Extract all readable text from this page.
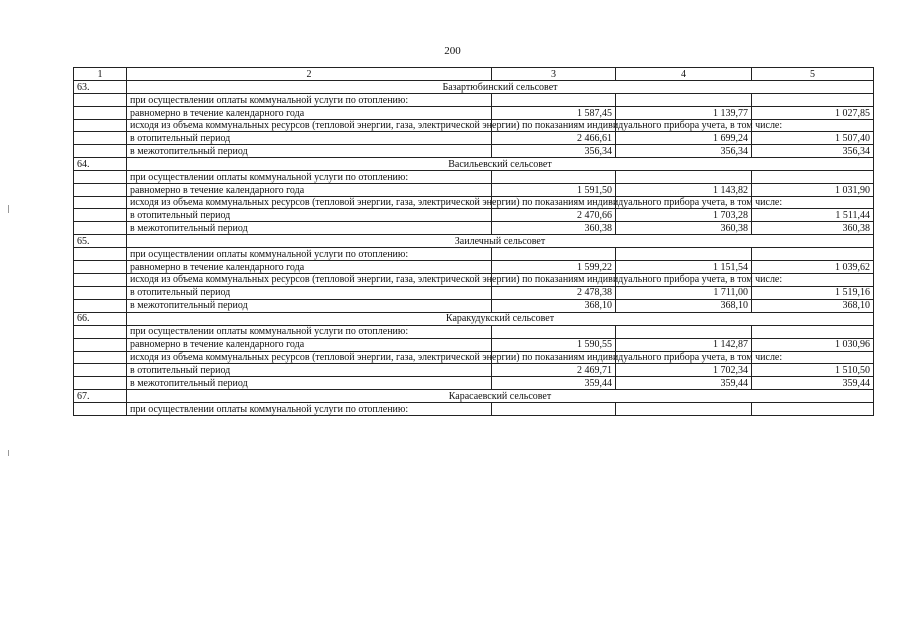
200
1	2	3	4	5
63.	Базартюбинский сельсовет			
	при осуществлении оплаты коммунальной услуги по отоплению:			
	равномерно в течение календарного года	1 587,45	1 139,77	1 027,85
	исходя из объема коммунальных ресурсов (тепловой энергии, газа, электрической энергии) по показаниям индивидуального прибора учета, в том числе:			
	в отопительный период	2 466,61	1 699,24	1 507,40
	в межотопительный период	356,34	356,34	356,34
64.	Васильевский сельсовет			
	при осуществлении оплаты коммунальной услуги по отоплению:			
	равномерно в течение календарного года	1 591,50	1 143,82	1 031,90
	исходя из объема коммунальных ресурсов (тепловой энергии, газа, электрической энергии) по показаниям индивидуального прибора учета, в том числе:			
	в отопительный период	2 470,66	1 703,28	1 511,44
	в межотопительный период	360,38	360,38	360,38
65.	Заилечный сельсовет			
	при осуществлении оплаты коммунальной услуги по отоплению:			
	равномерно в течение календарного года	1 599,22	1 151,54	1 039,62
	исходя из объема коммунальных ресурсов (тепловой энергии, газа, электрической энергии) по показаниям индивидуального прибора учета, в том числе:			
	в отопительный период	2 478,38	1 711,00	1 519,16
	в межотопительный период	368,10	368,10	368,10
66.	Каракудукский сельсовет			
	при осуществлении оплаты коммунальной услуги по отоплению:			
	равномерно в течение календарного года	1 590,55	1 142,87	1 030,96
	исходя из объема коммунальных ресурсов (тепловой энергии, газа, электрической энергии) по показаниям индивидуального прибора учета, в том числе:			
	в отопительный период	2 469,71	1 702,34	1 510,50
	в межотопительный период	359,44	359,44	359,44
67.	Карасаевский сельсовет			
	при осуществлении оплаты коммунальной услуги по отоплению:			
